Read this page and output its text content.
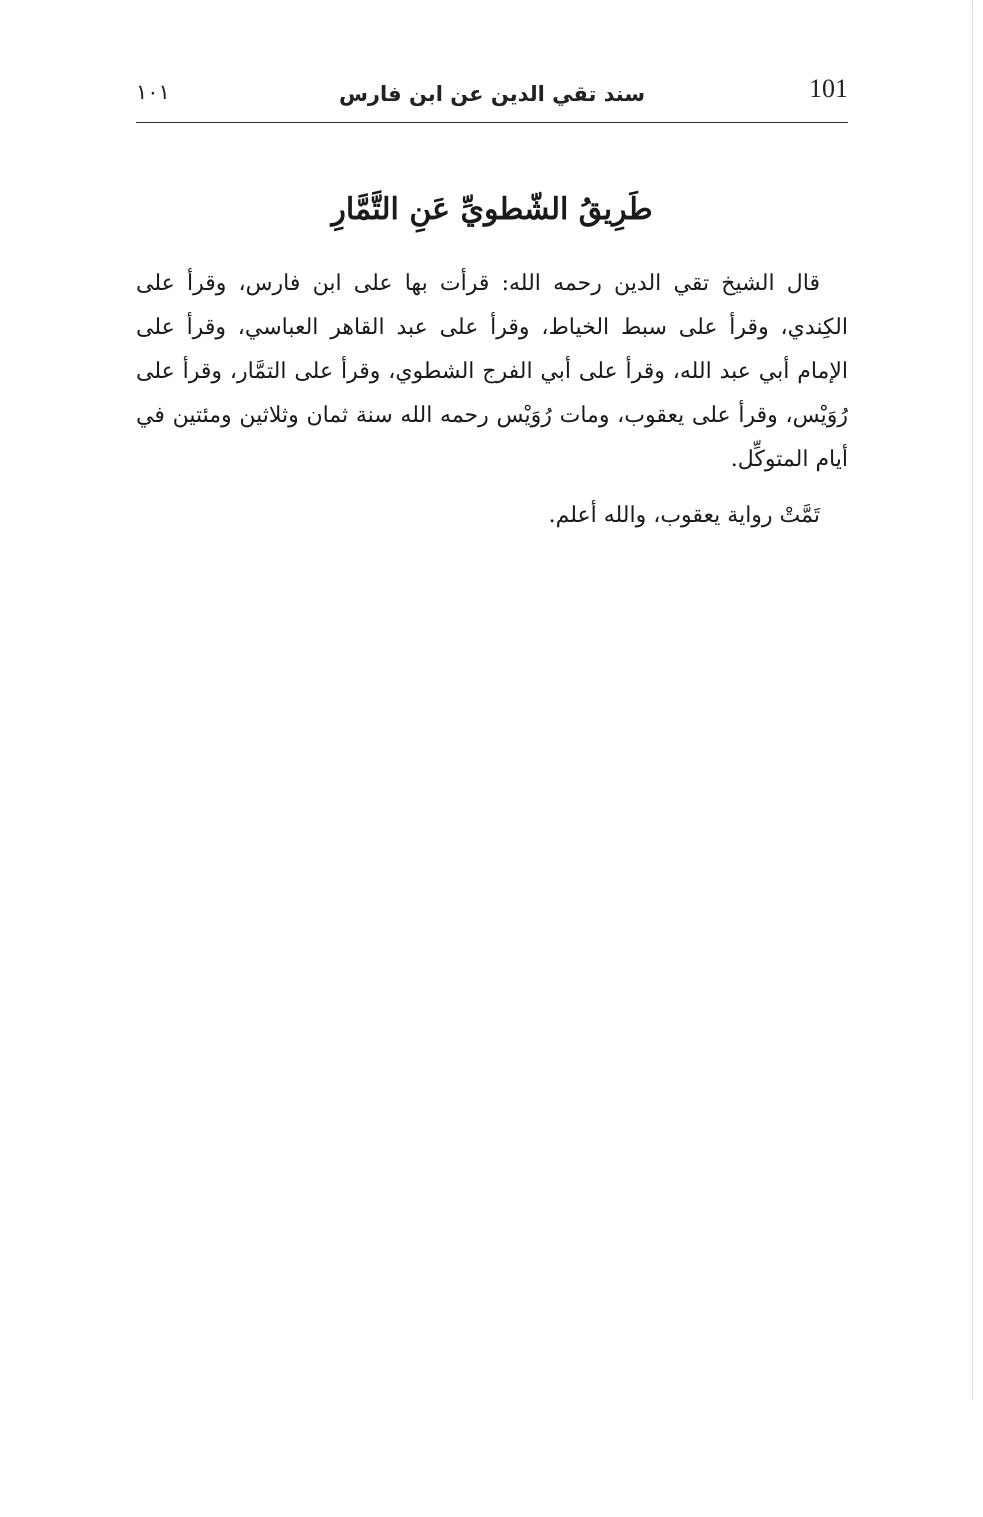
101
سند تقي الدين عن ابن فارس
١٠١
طَرِيقُ الشّطويِّ عَنِ التَّمَّارِ

قال الشيخ تقي الدين رحمه الله: قرأت بها على ابن فارس، وقرأ على الكِندي، وقرأ على سبط الخياط، وقرأ على عبد القاهر العباسي، وقرأ على الإمام أبي عبد الله، وقرأ على أبي الفرج الشطوي، وقرأ على التمَّار، وقرأ على رُوَيْس، وقرأ على يعقوب، ومات رُوَيْس رحمه الله سنة ثمان وثلاثين ومئتين في أيام المتوكِّل.

تَمَّتْ رواية يعقوب، والله أعلم.
